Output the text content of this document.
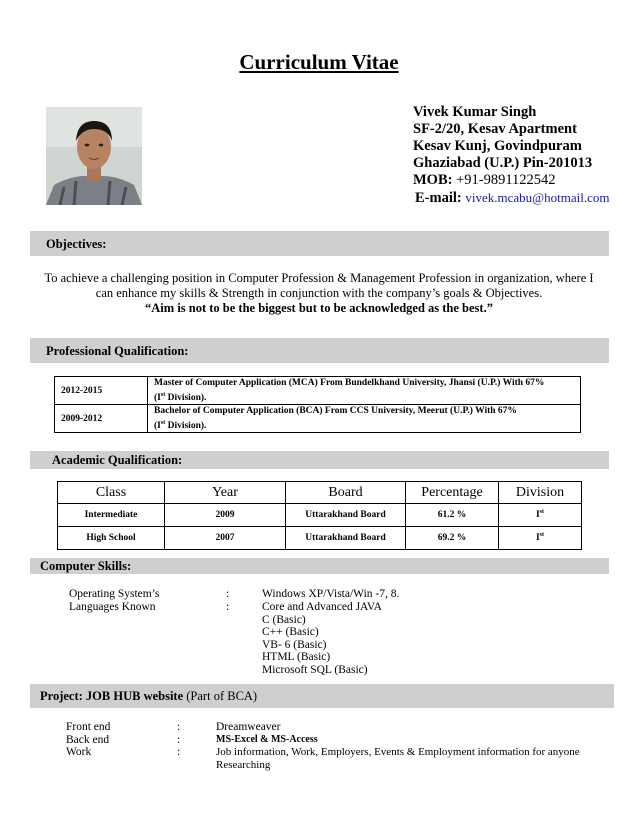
Curriculum Vitae
Vivek Kumar Singh
SF-2/20, Kesav Apartment
Kesav Kunj, Govindpuram
Ghaziabad (U.P.) Pin-201013
MOB: +91-9891122542
E-mail: vivek.mcabu@hotmail.com
Objectives:
To achieve a challenging position in Computer Profession & Management Profession in organization, where I
can enhance my skills & Strength in conjunction with the company’s goals & Objectives.
“Aim is not to be the biggest but to be acknowledged as the best.”
Professional Qualification:
2012-2015	Master of Computer Application (MCA) From Bundelkhand University, Jhansi (U.P.) With 67%
(Ist Division).
2009-2012	Bachelor of Computer Application (BCA) From CCS University, Meerut (U.P.) With 67%
(Ist Division).
Academic Qualification:
Class	Year	Board	Percentage	Division
Intermediate	2009	Uttarakhand Board	61.2 %	Ist
High School	2007	Uttarakhand Board	69.2 %	Ist
Computer Skills:
Operating System’s	:	Windows XP/Vista/Win -7, 8.
Languages Known	:	Core and Advanced JAVA
C (Basic)
C++ (Basic)
VB- 6 (Basic)
HTML (Basic)
Microsoft SQL (Basic)
Project: JOB HUB website (Part of BCA)
Front end	:	Dreamweaver
Back end	:	MS-Excel & MS-Access
Work	:	Job information, Work, Employers, Events & Employment information for anyone
Researching
